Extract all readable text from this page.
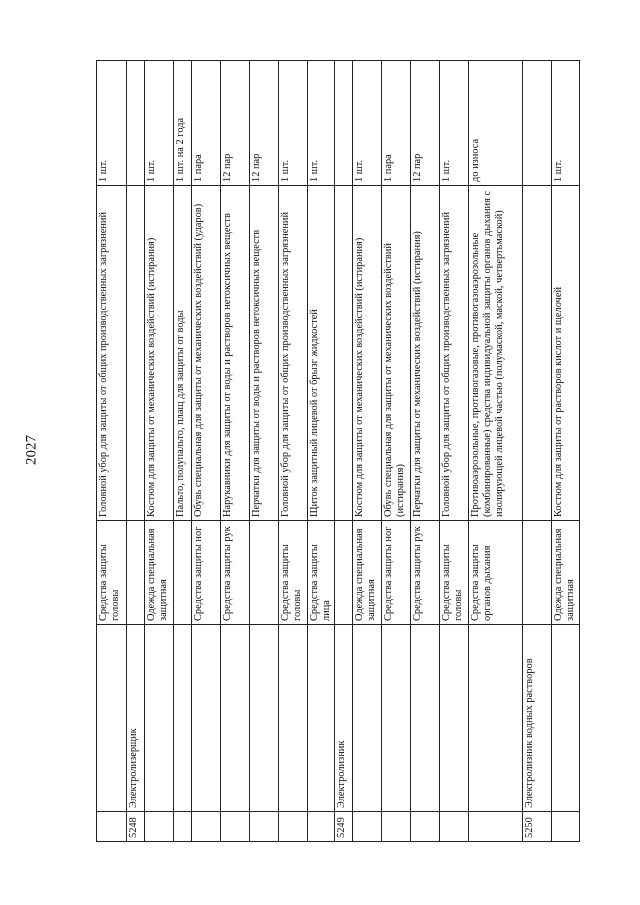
2027
		Средства защиты головы	Головной убор для защиты от общих производственных загрязнений	1 шт.
5248	Электролизерщик			
		Одежда специальная защитная	Костюм для защиты от механических воздействий (истирания)	1 шт.
			Пальто, полупальто, плащ для защиты от воды	1 шт. на 2 года
		Средства защиты ног	Обувь специальная для защиты от механических воздействий (ударов)	1 пара
		Средства защиты рук	Нарукавники для защиты от воды и растворов нетоксичных веществ	12 пар
			Перчатки для защиты от воды и растворов нетоксичных веществ	12 пар
		Средства защиты головы	Головной убор для защиты от общих производственных загрязнений	1 шт.
		Средства защиты лица	Щиток защитный лицевой от брызг жидкостей	1 шт.
5249	Электролизник			
		Одежда специальная защитная	Костюм для защиты от механических воздействий (истирания)	1 шт.
		Средства защиты ног	Обувь специальная для защиты от механических воздействий (истирания)	1 пара
		Средства защиты рук	Перчатки для защиты от механических воздействий (истирания)	12 пар
		Средства защиты головы	Головной убор для защиты от общих производственных загрязнений	1 шт.
		Средства защиты органов дыхания	Противоаэрозольные, противогазовые, противогазоаэрозольные (комбинированные) средства индивидуальной защиты органов дыхания с изолирующей лицевой частью (полумаской, маской, четвертьмаской)	до износа
5250	Электролизник водных растворов			
		Одежда специальная защитная	Костюм для защиты от растворов кислот и щелочей	1 шт.
